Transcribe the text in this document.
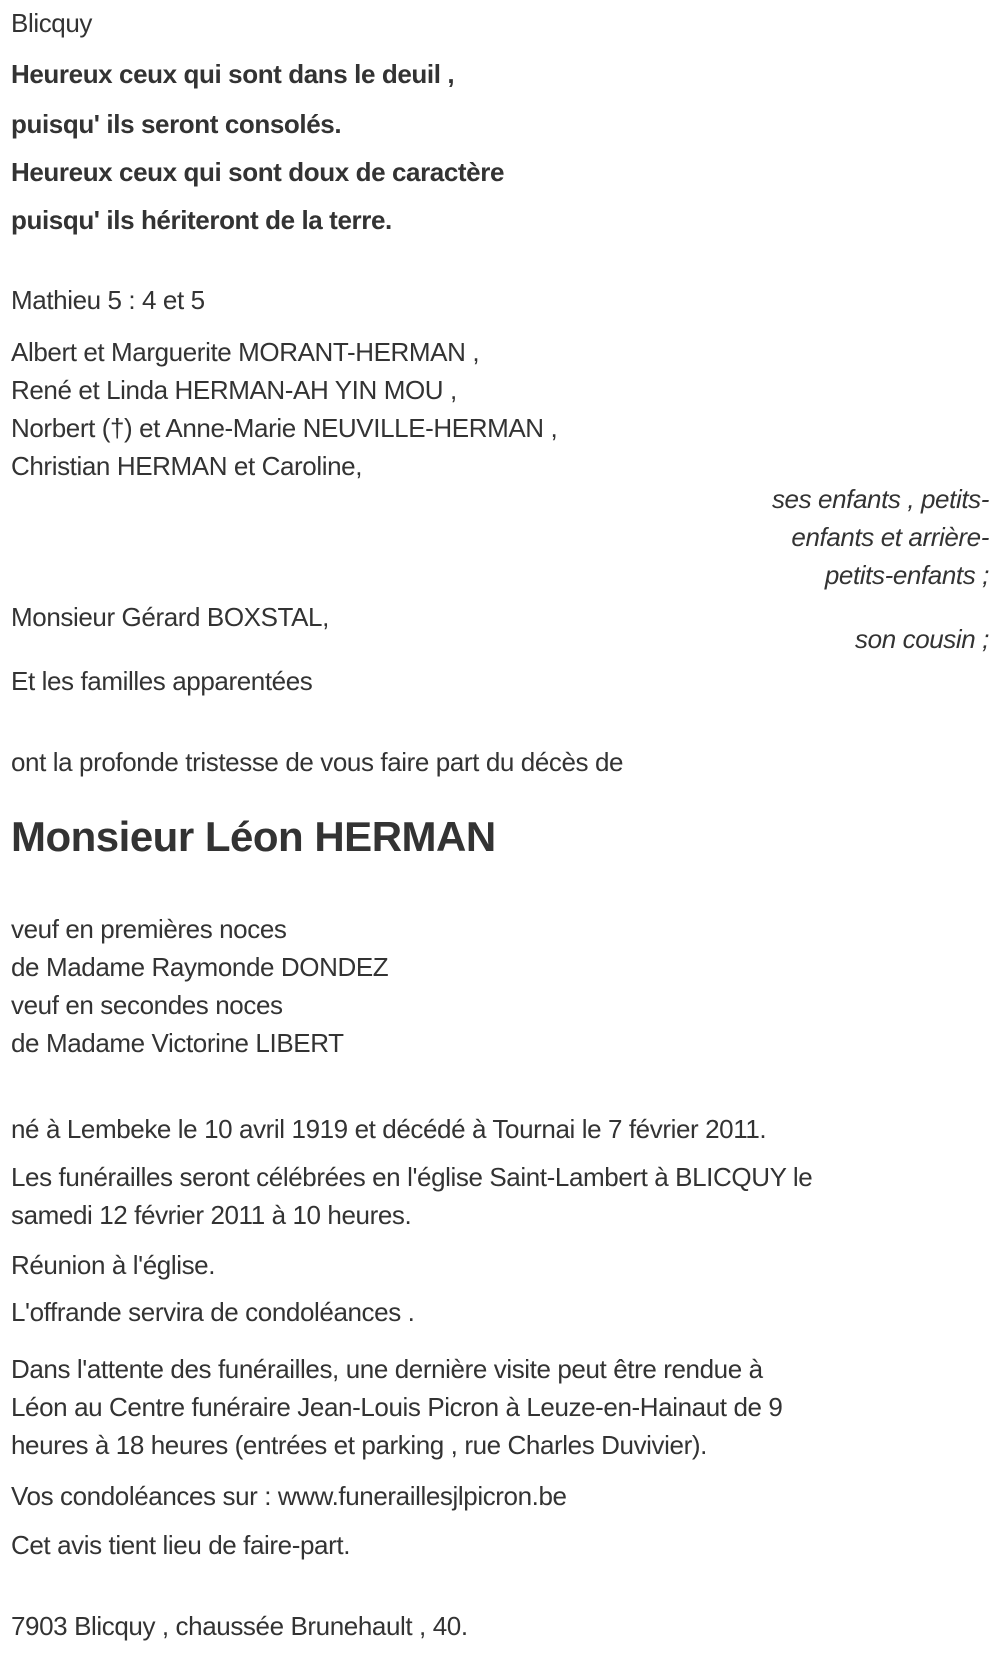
Blicquy
Heureux ceux qui sont dans le deuil ,
puisqu' ils seront consolés.
Heureux ceux qui sont doux de caractère
puisqu' ils hériteront de la terre.
Mathieu 5 : 4 et 5
Albert et Marguerite MORANT-HERMAN ,
René et Linda HERMAN-AH YIN MOU ,
Norbert (†) et Anne-Marie NEUVILLE-HERMAN ,
Christian HERMAN et Caroline,
ses enfants , petits-
enfants et arrière-
petits-enfants ;
Monsieur Gérard BOXSTAL,
son cousin ;
Et les familles apparentées
ont la profonde tristesse de vous faire part du décès de
Monsieur Léon HERMAN
veuf en premières noces
de Madame Raymonde DONDEZ
veuf en secondes noces
de Madame Victorine LIBERT
né à Lembeke le 10 avril 1919 et décédé à Tournai le 7 février 2011.
Les funérailles seront célébrées en l'église Saint-Lambert à BLICQUY le
samedi 12 février 2011 à 10 heures.
Réunion à l'église.
L'offrande servira de condoléances .
Dans l'attente des funérailles, une dernière visite peut être rendue à
Léon au Centre funéraire Jean-Louis Picron à Leuze-en-Hainaut de 9
heures à 18 heures (entrées et parking , rue Charles Duvivier).
Vos condoléances sur : www.funeraillesjlpicron.be
Cet avis tient lieu de faire-part.
7903 Blicquy , chaussée Brunehault , 40.
